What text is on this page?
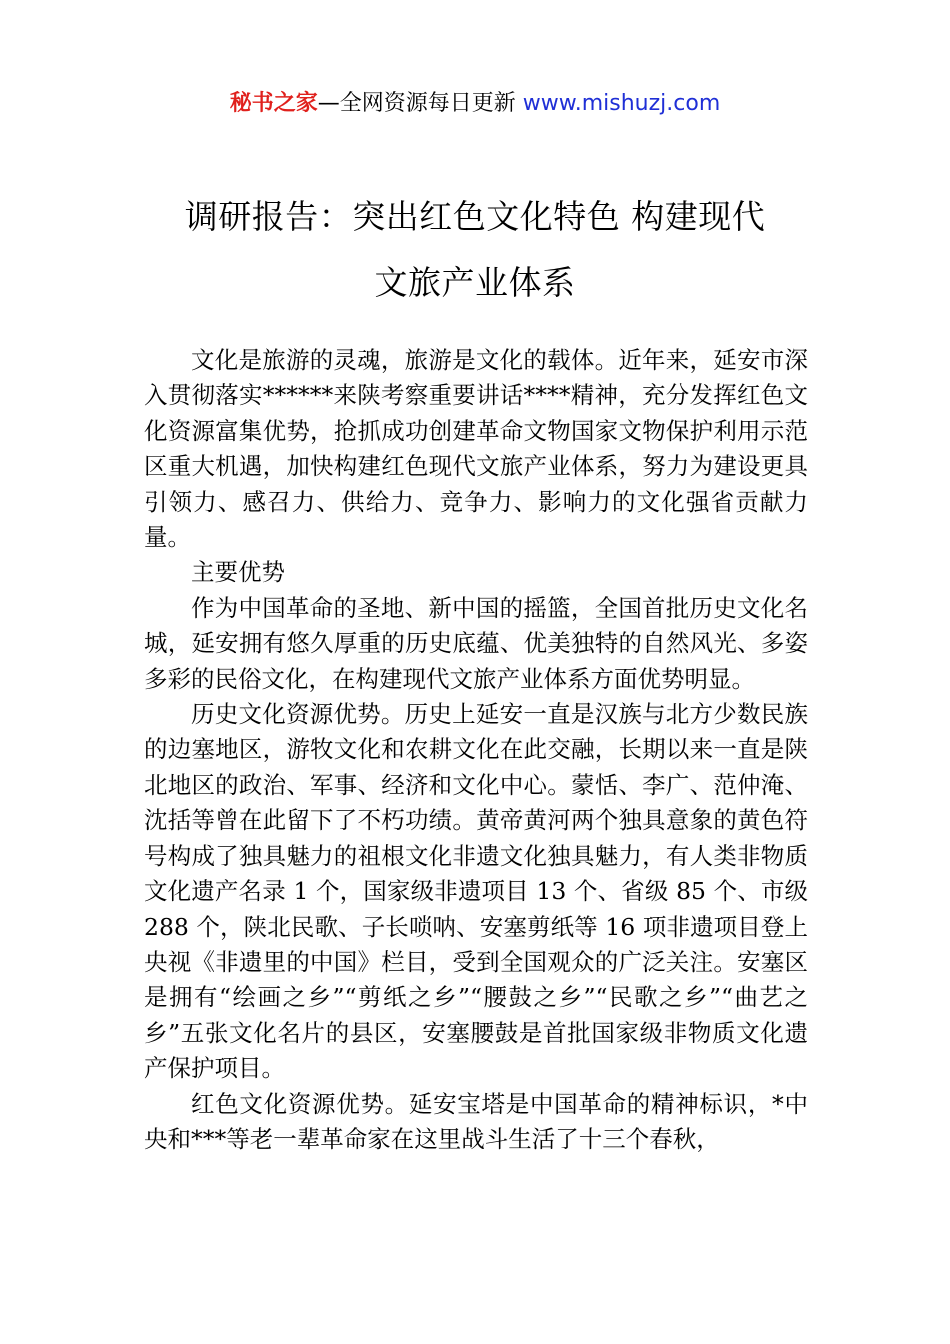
秘书之家—全网资源每日更新 www.mishuzj.com
调研报告：突出红色文化特色 构建现代
文旅产业体系

文化是旅游的灵魂，旅游是文化的载体。近年来，延安市深入贯彻落实******来陕考察重要讲话****精神，充分发挥红色文化资源富集优势，抢抓成功创建革命文物国家文物保护利用示范区重大机遇，加快构建红色现代文旅产业体系，努力为建设更具引领力、感召力、供给力、竞争力、影响力的文化强省贡献力量。

主要优势

作为中国革命的圣地、新中国的摇篮，全国首批历史文化名城，延安拥有悠久厚重的历史底蕴、优美独特的自然风光、多姿多彩的民俗文化，在构建现代文旅产业体系方面优势明显。

历史文化资源优势。历史上延安一直是汉族与北方少数民族的边塞地区，游牧文化和农耕文化在此交融，长期以来一直是陕北地区的政治、军事、经济和文化中心。蒙恬、李广、范仲淹、沈括等曾在此留下了不朽功绩。黄帝黄河两个独具意象的黄色符号构成了独具魅力的祖根文化非遗文化独具魅力，有人类非物质文化遗产名录 1 个，国家级非遗项目 13 个、省级 85 个、市级 288 个，陕北民歌、子长唢呐、安塞剪纸等 16 项非遗项目登上央视《非遗里的中国》栏目，受到全国观众的广泛关注。安塞区是拥有“绘画之乡”“剪纸之乡”“腰鼓之乡”“民歌之乡”“曲艺之乡”五张文化名片的县区，安塞腰鼓是首批国家级非物质文化遗产保护项目。

红色文化资源优势。延安宝塔是中国革命的精神标识，*中央和***等老一辈革命家在这里战斗生活了十三个春秋，
